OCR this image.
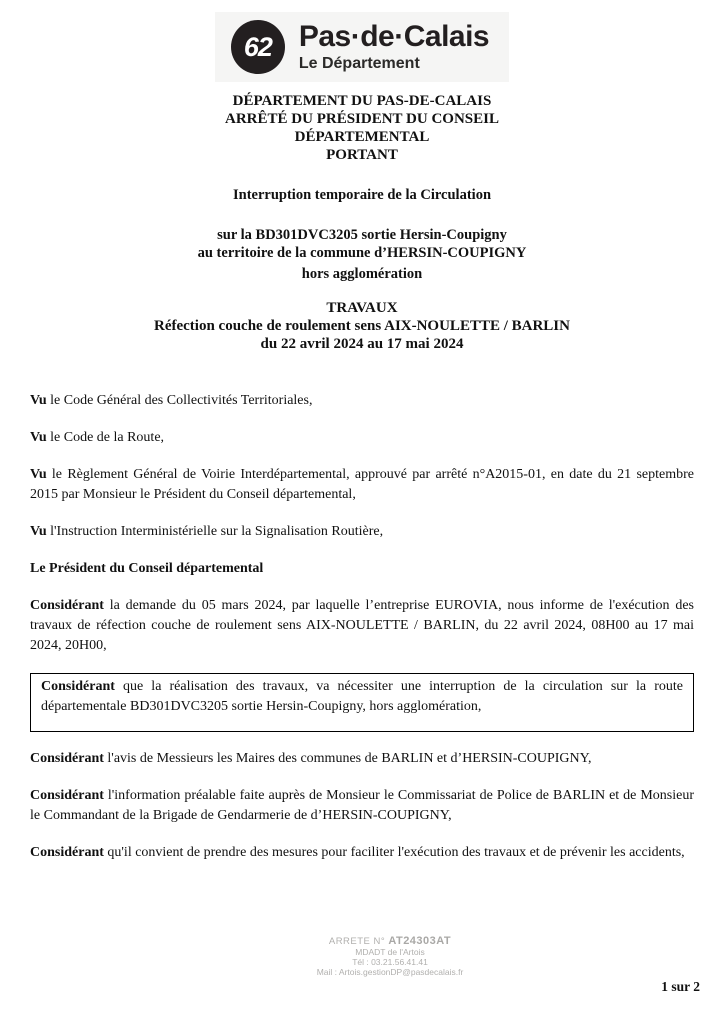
62 Pas·de·Calais
Le Département
DÉPARTEMENT DU PAS-DE-CALAIS
ARRÊTÉ DU PRÉSIDENT DU CONSEIL
DÉPARTEMENTAL
PORTANT
Interruption temporaire de la Circulation
sur la BD301DVC3205 sortie Hersin-Coupigny
au territoire de la commune d’HERSIN-COUPIGNY
hors agglomération
TRAVAUX
Réfection couche de roulement sens AIX-NOULETTE / BARLIN
du 22 avril 2024 au 17 mai 2024

Vu le Code Général des Collectivités Territoriales,

Vu le Code de la Route,

Vu le Règlement Général de Voirie Interdépartemental, approuvé par arrêté n°A2015-01, en date du 21 septembre 2015 par Monsieur le Président du Conseil départemental,

Vu l'Instruction Interministérielle sur la Signalisation Routière,

Le Président du Conseil départemental

Considérant la demande du 05 mars 2024, par laquelle l’entreprise EUROVIA, nous informe de l'exécution des travaux de réfection couche de roulement sens AIX-NOULETTE / BARLIN, du 22 avril 2024, 08H00 au 17 mai 2024, 20H00,

Considérant que la réalisation des travaux, va nécessiter une interruption de la circulation sur la route départementale BD301DVC3205 sortie Hersin-Coupigny, hors agglomération,

Considérant l'avis de Messieurs les Maires des communes de BARLIN et d’HERSIN-COUPIGNY,

Considérant l'information préalable faite auprès de Monsieur le Commissariat de Police de BARLIN et de Monsieur le Commandant de la Brigade de Gendarmerie de d’HERSIN-COUPIGNY,

Considérant qu'il convient de prendre des mesures pour faciliter l'exécution des travaux et de prévenir les accidents,

ARRETE N° AT24303AT
MDADT de l'Artois
Tél : 03.21.56.41.41
Mail : Artois.gestionDP@pasdecalais.fr
1 sur 2
